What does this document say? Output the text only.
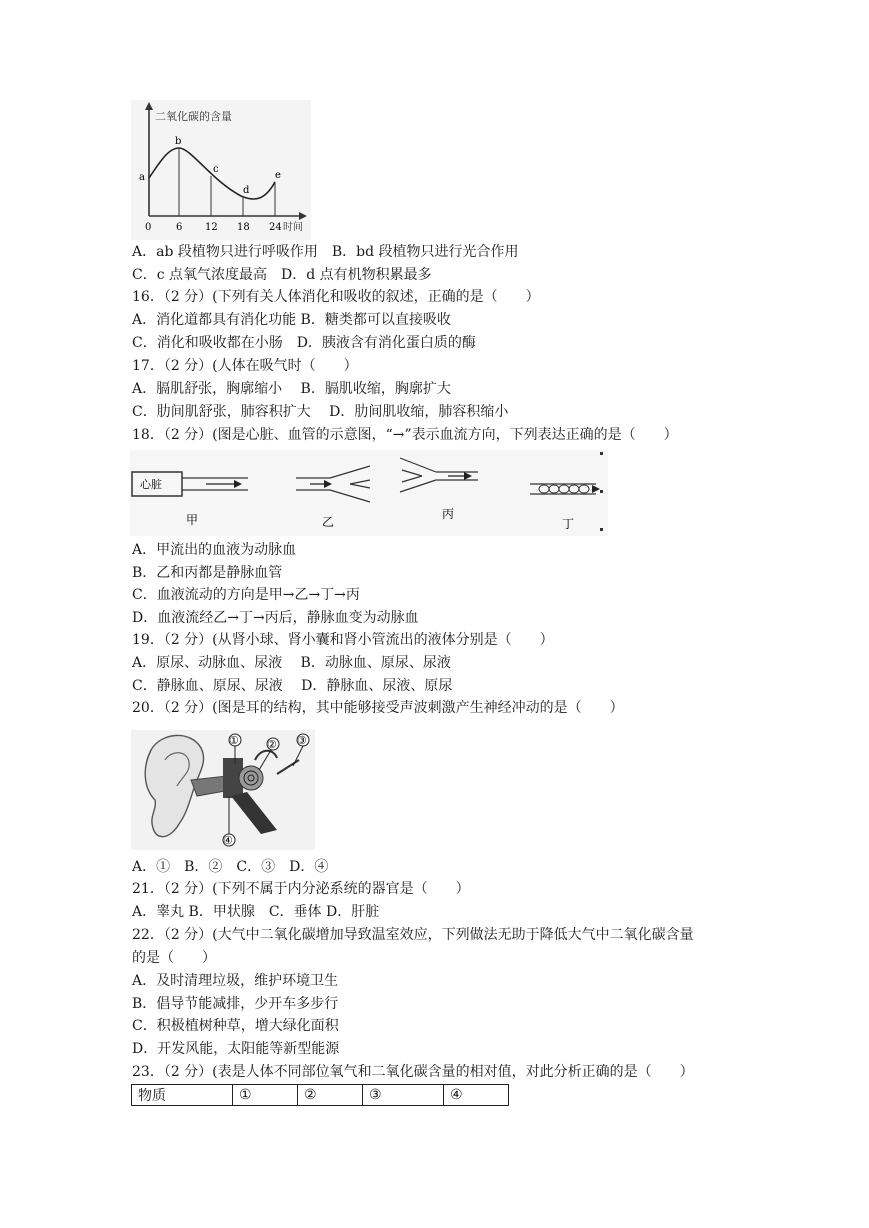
二氧化碳的含量
时间
a
b
c
d
e
0 6 12 18 24
A．ab 段植物只进行呼吸作用　B．bd 段植物只进行光合作用
C．c 点氧气浓度最高　D．d 点有机物积累最多
16．（2 分）(下列有关人体消化和吸收的叙述，正确的是（　　）
A．消化道都具有消化功能 B．糖类都可以直接吸收
C．消化和吸收都在小肠　D．胰液含有消化蛋白质的酶
17．（2 分）(人体在吸气时（　　）
A．膈肌舒张，胸廓缩小　 B．膈肌收缩，胸廓扩大
C．肋间肌舒张，肺容积扩大　 D．肋间肌收缩，肺容积缩小
18．（2 分）(图是心脏、血管的示意图，“→”表示血流方向，下列表达正确的是（　　）
心脏
甲	乙
丙
丁
A．甲流出的血液为动脉血
B．乙和丙都是静脉血管
C．血液流动的方向是甲→乙→丁→丙
D．血液流经乙→丁→丙后，静脉血变为动脉血
19．（2 分）(从肾小球、肾小囊和肾小管流出的液体分别是（　　）
A．原尿、动脉血、尿液　 B．动脉血、原尿、尿液
C．静脉血、原尿、尿液　 D．静脉血、尿液、原尿
20．（2 分）(图是耳的结构，其中能够接受声波刺激产生神经冲动的是（　　）
①	② ③
④
A．①　B．②　C．③　D．④
21．（2 分）(下列不属于内分泌系统的器官是（　　）
A．睾丸 B．甲状腺　C．垂体 D．肝脏
22．（2 分）(大气中二氧化碳增加导致温室效应，下列做法无助于降低大气中二氧化碳含量
的是（　　）
A．及时清理垃圾，维护环境卫生
B．倡导节能减排，少开车多步行
C．积极植树种草，增大绿化面积
D．开发风能，太阳能等新型能源
23．（2 分）(表是人体不同部位氧气和二氧化碳含量的相对值，对此分析正确的是（　　）
物质	①	②	③	④
